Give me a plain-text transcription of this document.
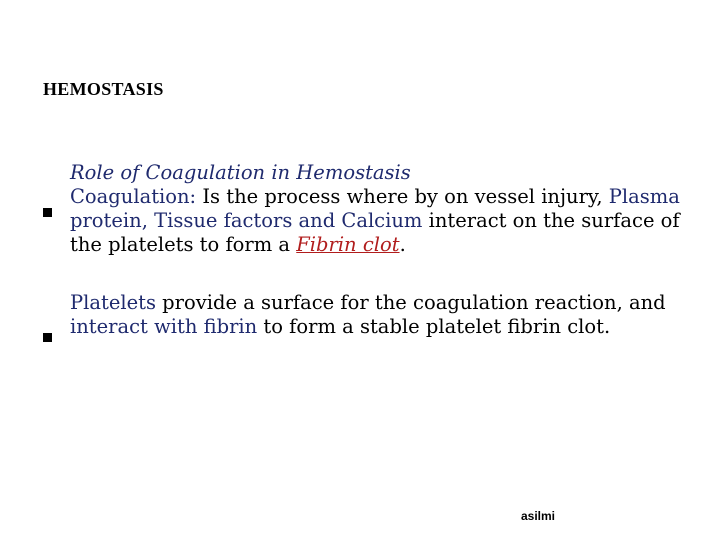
HEMOSTASIS
Role of Coagulation in Hemostasis
Coagulation: Is the process where by on vessel injury, Plasma protein, Tissue factors and Calcium interact on the surface of the platelets to form a Fibrin clot.
Platelets provide a surface for the coagulation reaction, and interact with fibrin to form a stable platelet fibrin clot.
asilmi
